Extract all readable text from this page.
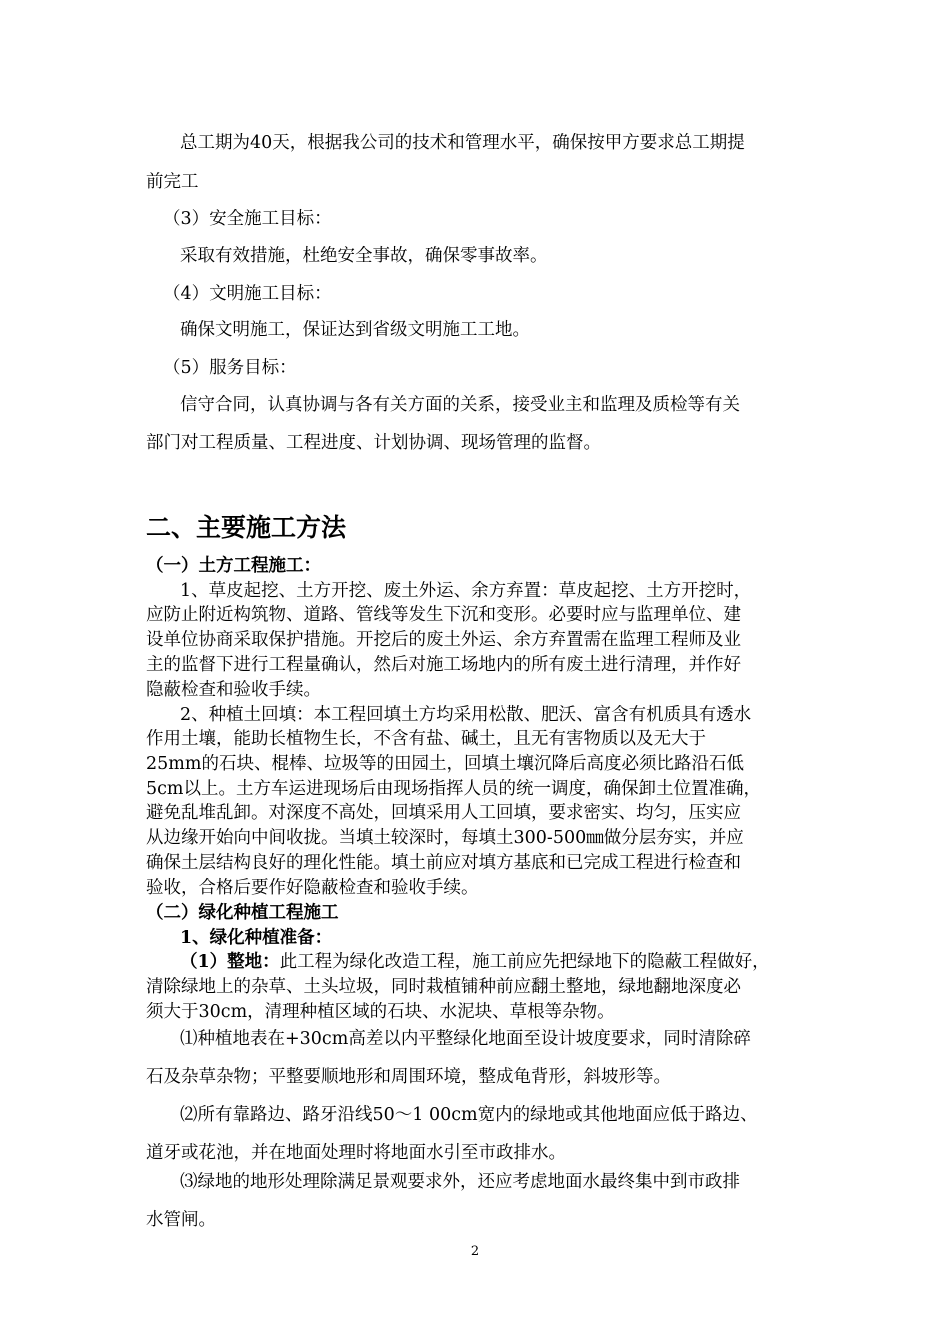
总工期为40天，根据我公司的技术和管理水平，确保按甲方要求总工期提
前完工
（3）安全施工目标：
采取有效措施，杜绝安全事故，确保零事故率。
（4）文明施工目标：
确保文明施工，保证达到省级文明施工工地。
（5）服务目标：
信守合同，认真协调与各有关方面的关系，接受业主和监理及质检等有关
部门对工程质量、工程进度、计划协调、现场管理的监督。
二、主要施工方法
（一）土方工程施工：
1、草皮起挖、土方开挖、废土外运、余方弃置：草皮起挖、土方开挖时，
应防止附近构筑物、道路、管线等发生下沉和变形。必要时应与监理单位、建
设单位协商采取保护措施。开挖后的废土外运、余方弃置需在监理工程师及业
主的监督下进行工程量确认，然后对施工场地内的所有废土进行清理，并作好
隐蔽检查和验收手续。
2、种植土回填：本工程回填土方均采用松散、肥沃、富含有机质具有透水
作用土壤，能助长植物生长，不含有盐、碱土，且无有害物质以及无大于
25mm的石块、棍棒、垃圾等的田园土，回填土壤沉降后高度必须比路沿石低
5cm以上。土方车运进现场后由现场指挥人员的统一调度，确保卸土位置准确，
避免乱堆乱卸。对深度不高处，回填采用人工回填，要求密实、均匀，压实应
从边缘开始向中间收拢。当填土较深时，每填土300-500㎜做分层夯实，并应
确保土层结构良好的理化性能。填土前应对填方基底和已完成工程进行检查和
验收，合格后要作好隐蔽检查和验收手续。
（二）绿化种植工程施工
1、绿化种植准备：
（1）整地：此工程为绿化改造工程，施工前应先把绿地下的隐蔽工程做好，
清除绿地上的杂草、土头垃圾，同时栽植铺种前应翻土整地，绿地翻地深度必
须大于30cm，清理种植区域的石块、水泥块、草根等杂物。
⑴种植地表在+30cm高差以内平整绿化地面至设计坡度要求，同时清除碎
石及杂草杂物；平整要顺地形和周围环境，整成龟背形，斜坡形等。
⑵所有靠路边、路牙沿线50～1 00cm宽内的绿地或其他地面应低于路边、
道牙或花池，并在地面处理时将地面水引至市政排水。
⑶绿地的地形处理除满足景观要求外，还应考虑地面水最终集中到市政排
水管闸。
2
